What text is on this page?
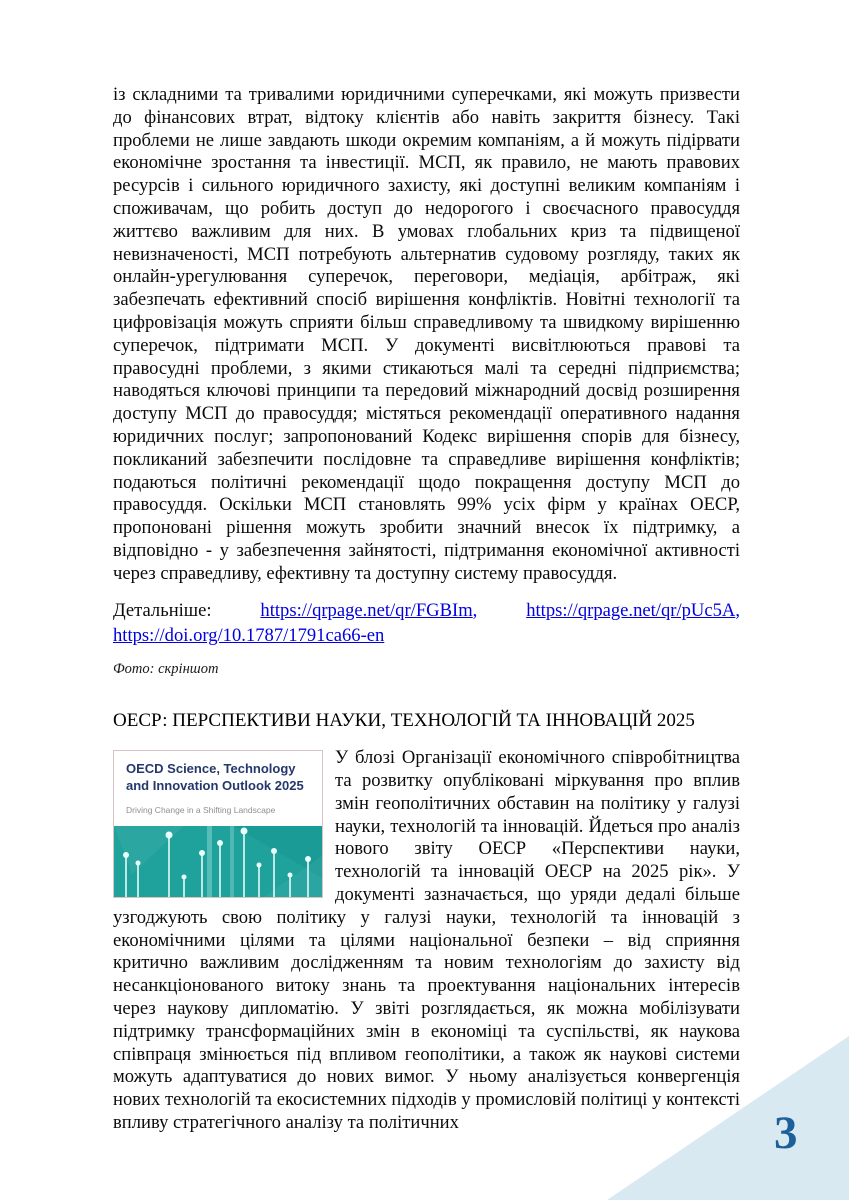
із складними та тривалими юридичними суперечками, які можуть призвести до фінансових втрат, відтоку клієнтів або навіть закриття бізнесу. Такі проблеми не лише завдають шкоди окремим компаніям, а й можуть підірвати економічне зростання та інвестиції. МСП, як правило, не мають правових ресурсів і сильного юридичного захисту, які доступні великим компаніям і споживачам, що робить доступ до недорогого і своєчасного правосуддя життєво важливим для них. В умовах глобальних криз та підвищеної невизначеності, МСП потребують альтернатив судовому розгляду, таких як онлайн-урегулювання суперечок, переговори, медіація, арбітраж, які забезпечать ефективний спосіб вирішення конфліктів. Новітні технології та цифровізація можуть сприяти більш справедливому та швидкому вирішенню суперечок, підтримати МСП. У документі висвітлюються правові та правосудні проблеми, з якими стикаються малі та середні підприємства; наводяться ключові принципи та передовий міжнародний досвід розширення доступу МСП до правосуддя; містяться рекомендації оперативного надання юридичних послуг; запропонований Кодекс вирішення спорів для бізнесу, покликаний забезпечити послідовне та справедливе вирішення конфліктів; подаються політичні рекомендації щодо покращення доступу МСП до правосуддя. Оскільки МСП становлять 99% усіх фірм у країнах ОЕСР, пропоновані рішення можуть зробити значний внесок їх підтримку, а відповідно - у забезпечення зайнятості, підтримання економічної активності через справедливу, ефективну та доступну систему правосуддя.

Детальніше:	https://qrpage.net/qr/FGBIm,	https://qrpage.net/qr/pUc5A,
https://doi.org/10.1787/1791ca66-en

Фото: скріншот

ОЕСР: ПЕРСПЕКТИВИ НАУКИ, ТЕХНОЛОГІЙ ТА ІННОВАЦІЙ 2025
OECD Science, Technology
and Innovation Outlook 2025
Driving Change in a Shifting Landscape
У блозі Організації економічного співробітництва та розвитку опубліковані міркування про вплив змін геополітичних обставин на політику у галузі науки, технологій та інновацій. Йдеться про аналіз нового звіту ОЕСР «Перспективи науки, технологій та інновацій ОЕСР на 2025 рік». У документі зазначається, що уряди дедалі більше узгоджують свою політику у галузі науки, технологій та інновацій з економічними цілями та цілями національної безпеки – від сприяння критично важливим дослідженням та новим технологіям до захисту від несанкціонованого витоку знань та проектування національних інтересів через наукову дипломатію. У звіті розглядається, як можна мобілізувати підтримку трансформаційних змін в економіці та суспільстві, як наукова співпраця змінюється під впливом геополітики, а також як наукові системи можуть адаптуватися до нових вимог. У ньому аналізується конвергенція нових технологій та екосистемних підходів у промисловій політиці у контексті впливу стратегічного аналізу та політичних	3
